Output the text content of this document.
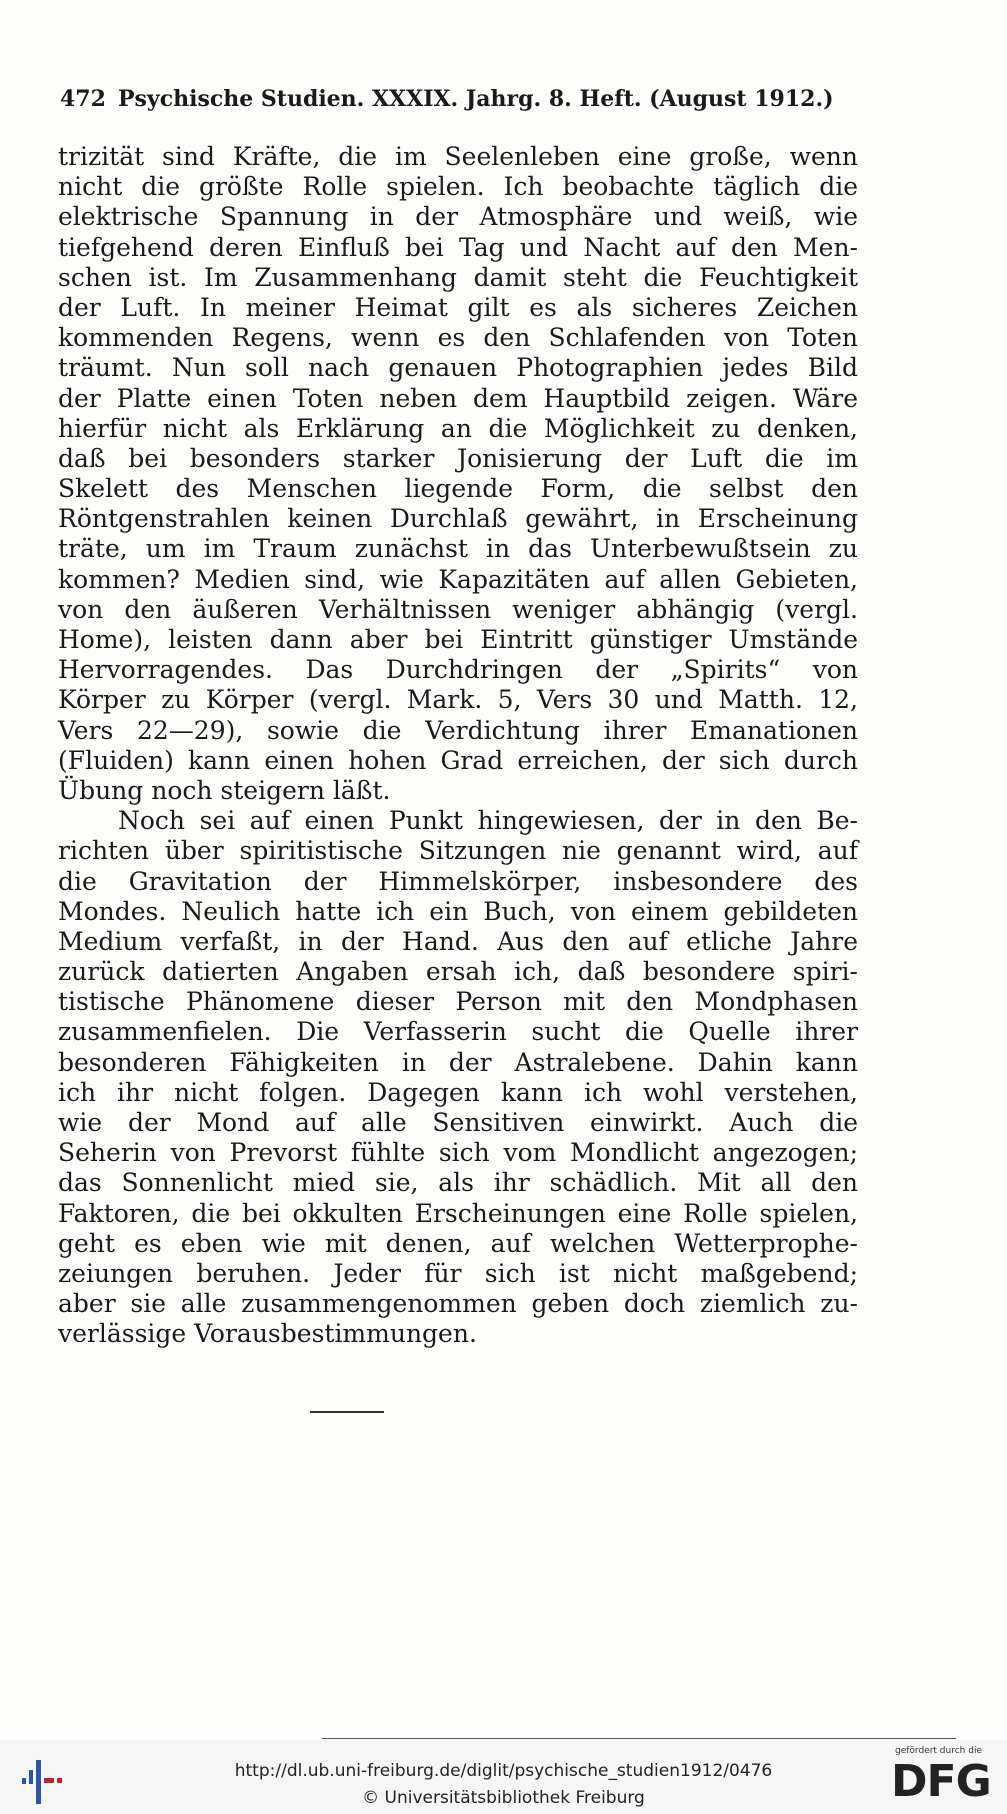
472 Psychische Studien. XXXIX. Jahrg. 8. Heft. (August 1912.)
trizität sind Kräfte, die im Seelenleben eine große, wenn
nicht die größte Rolle spielen. Ich beobachte täglich die
elektrische Spannung in der Atmosphäre und weiß, wie
tiefgehend deren Einfluß bei Tag und Nacht auf den Men-
schen ist. Im Zusammenhang damit steht die Feuchtigkeit
der Luft. In meiner Heimat gilt es als sicheres Zeichen
kommenden Regens, wenn es den Schlafenden von Toten
träumt. Nun soll nach genauen Photographien jedes Bild
der Platte einen Toten neben dem Hauptbild zeigen. Wäre
hierfür nicht als Erklärung an die Möglichkeit zu denken,
daß bei besonders starker Jonisierung der Luft die im
Skelett des Menschen liegende Form, die selbst den
Röntgenstrahlen keinen Durchlaß gewährt, in Erscheinung
träte, um im Traum zunächst in das Unterbewußtsein zu
kommen? Medien sind, wie Kapazitäten auf allen Gebieten,
von den äußeren Verhältnissen weniger abhängig (vergl.
Home), leisten dann aber bei Eintritt günstiger Umstände
Hervorragendes. Das Durchdringen der „Spirits“ von
Körper zu Körper (vergl. Mark. 5, Vers 30 und Matth. 12,
Vers 22—29), sowie die Verdichtung ihrer Emanationen
(Fluiden) kann einen hohen Grad erreichen, der sich durch
Übung noch steigern läßt.
Noch sei auf einen Punkt hingewiesen, der in den Be-
richten über spiritistische Sitzungen nie genannt wird, auf
die Gravitation der Himmelskörper, insbesondere des
Mondes. Neulich hatte ich ein Buch, von einem gebildeten
Medium verfaßt, in der Hand. Aus den auf etliche Jahre
zurück datierten Angaben ersah ich, daß besondere spiri-
tistische Phänomene dieser Person mit den Mondphasen
zusammenfielen. Die Verfasserin sucht die Quelle ihrer
besonderen Fähigkeiten in der Astralebene. Dahin kann
ich ihr nicht folgen. Dagegen kann ich wohl verstehen,
wie der Mond auf alle Sensitiven einwirkt. Auch die
Seherin von Prevorst fühlte sich vom Mondlicht angezogen;
das Sonnenlicht mied sie, als ihr schädlich. Mit all den
Faktoren, die bei okkulten Erscheinungen eine Rolle spielen,
geht es eben wie mit denen, auf welchen Wetterprophe-
zeiungen beruhen. Jeder für sich ist nicht maßgebend;
aber sie alle zusammengenommen geben doch ziemlich zu-
verlässige Vorausbestimmungen.
http://dl.ub.uni-freiburg.de/diglit/psychische_studien1912/0476
© Universitätsbibliothek Freiburg
gefördert durch die
DFG
